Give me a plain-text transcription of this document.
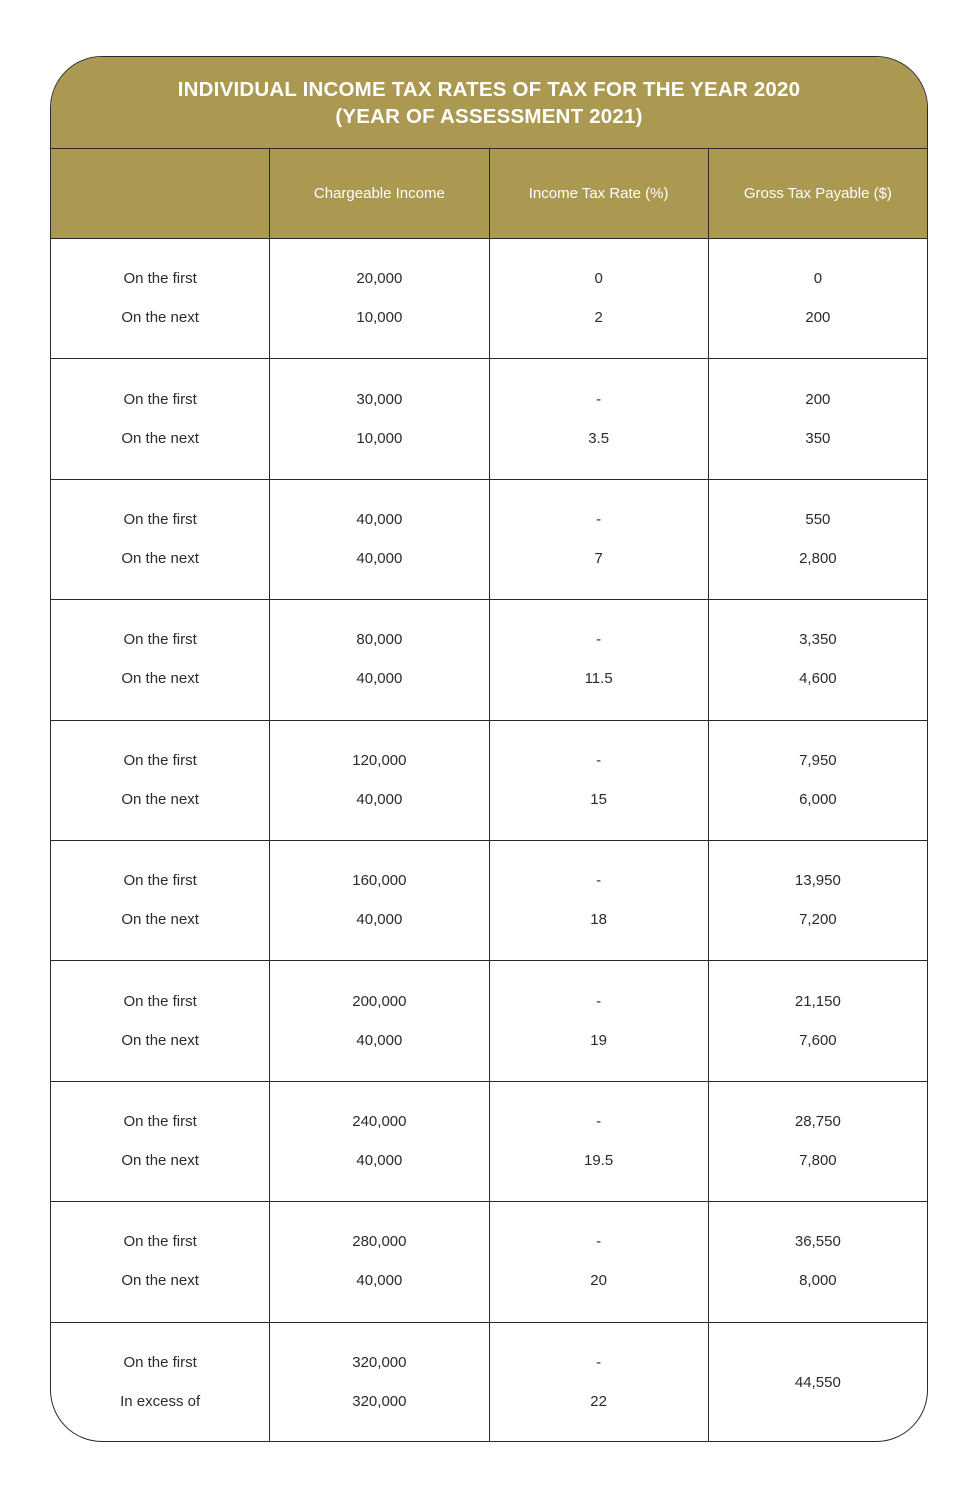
INDIVIDUAL INCOME TAX RATES OF TAX FOR THE YEAR 2020
(YEAR OF ASSESSMENT 2021)
Chargeable Income	Income Tax Rate (%)	Gross Tax Payable ($)
On the first
On the next
20,000
10,000
0
2
0
200
On the first
On the next
30,000
10,000
-
3.5
200
350
On the first
On the next
40,000
40,000
-
7
550
2,800
On the first
On the next
80,000
40,000
-
11.5
3,350
4,600
On the first
On the next
120,000
40,000
-
15
7,950
6,000
On the first
On the next
160,000
40,000
-
18
13,950
7,200
On the first
On the next
200,000
40,000
-
19
21,150
7,600
On the first
On the next
240,000
40,000
-
19.5
28,750
7,800
On the first
On the next
280,000
40,000
-
20
36,550
8,000
On the first
In excess of
320,000
320,000
-
22
44,550
